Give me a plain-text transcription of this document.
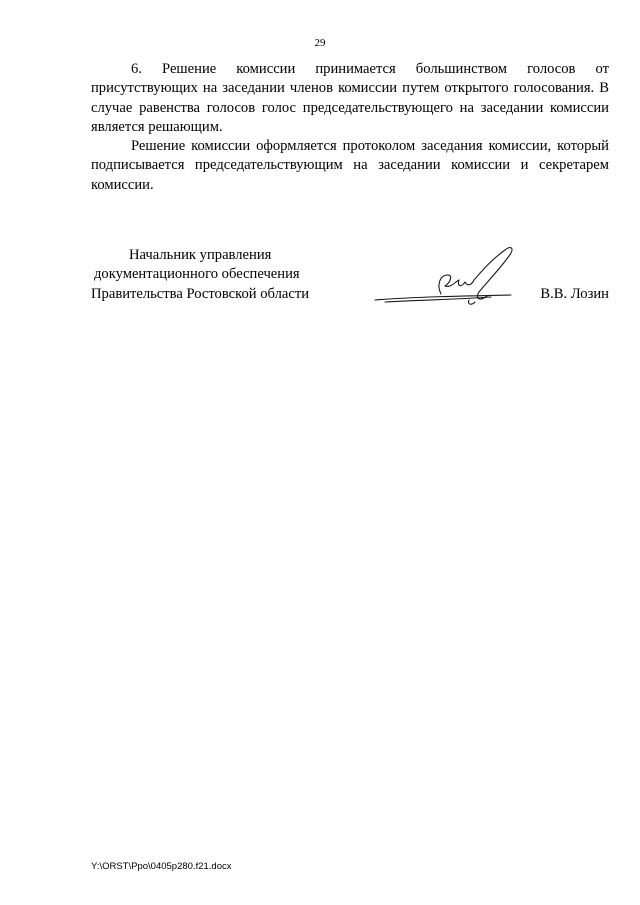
29

6. Решение комиссии принимается большинством голосов от присутствующих на заседании членов комиссии путем открытого голосования. В случае равенства голосов голос председательствующего на заседании комиссии является решающим.

Решение комиссии оформляется протоколом заседания комиссии, который подписывается председательствующим на заседании комиссии и секретарем комиссии.

Начальник управления
документационного обеспечения
Правительства Ростовской области	В.В. Лозин
Y:\ORST\Ppo\0405p280.f21.docx
